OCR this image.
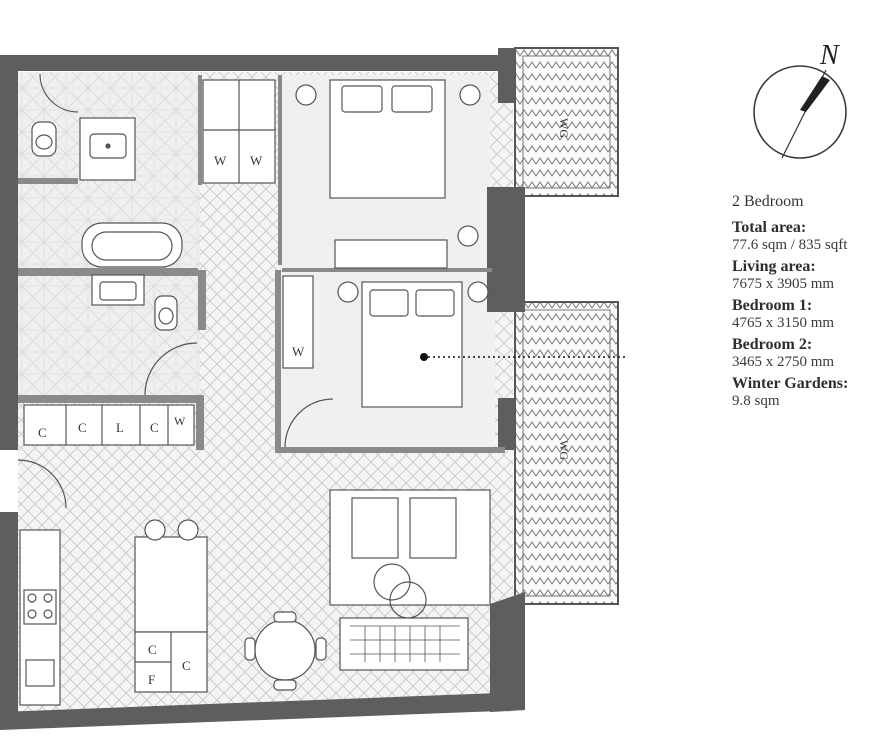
WG
WG
W W
W
C C L C W
C
C
F
N
2 Bedroom
Total area:
77.6 sqm / 835 sqft
Living area:
7675 x 3905 mm
Bedroom 1:
4765 x 3150 mm
Bedroom 2:
3465 x 2750 mm
Winter Gardens:
9.8 sqm
